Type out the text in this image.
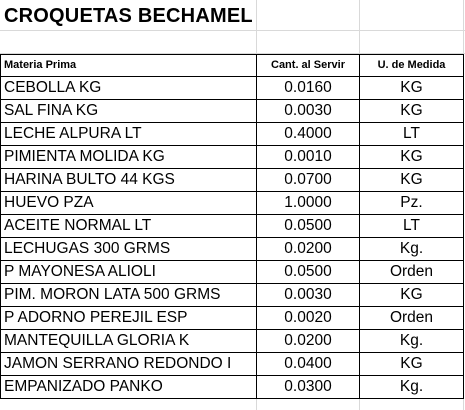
CROQUETAS BECHAMEL
Materia Prima	Cant. al Servir	U. de Medida
CEBOLLA KG	0.0160	KG
SAL FINA KG	0.0030	KG
LECHE ALPURA LT	0.4000	LT
PIMIENTA MOLIDA KG	0.0010	KG
HARINA BULTO 44 KGS	0.0700	KG
HUEVO PZA	1.0000	Pz.
ACEITE NORMAL LT	0.0500	LT
LECHUGAS 300 GRMS	0.0200	Kg.
P MAYONESA ALIOLI	0.0500	Orden
PIM. MORON LATA 500 GRMS	0.0030	KG
P ADORNO PEREJIL ESP	0.0020	Orden
MANTEQUILLA GLORIA K	0.0200	Kg.
JAMON SERRANO REDONDO I	0.0400	KG
EMPANIZADO PANKO	0.0300	Kg.
